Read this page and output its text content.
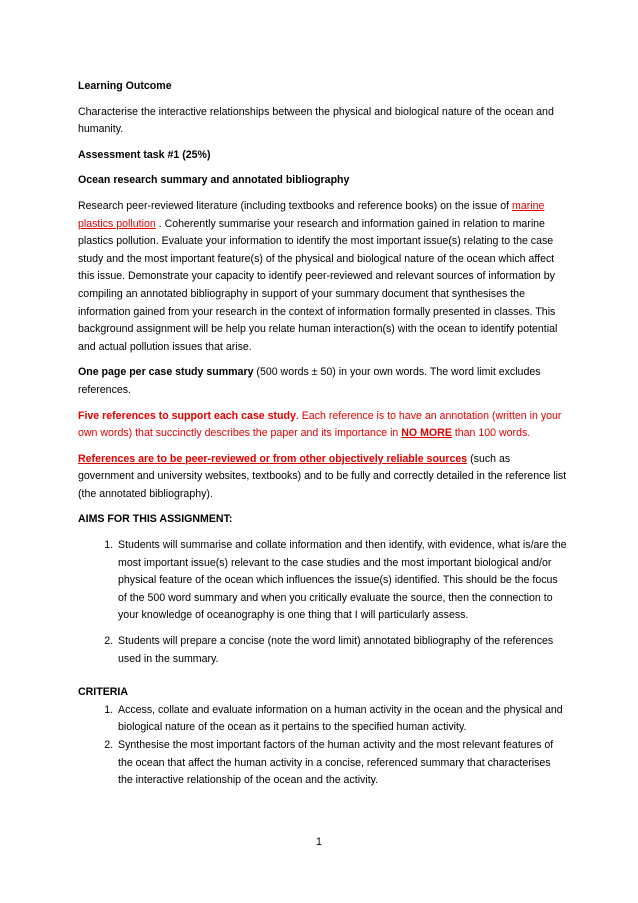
Learning Outcome

Characterise the interactive relationships between the physical and biological nature of the ocean and humanity.

Assessment task #1 (25%)

Ocean research summary and annotated bibliography

Research peer-reviewed literature (including textbooks and reference books) on the issue of marine plastics pollution . Coherently summarise your research and information gained in relation to marine plastics pollution. Evaluate your information to identify the most important issue(s) relating to the case study and the most important feature(s) of the physical and biological nature of the ocean which affect this issue. Demonstrate your capacity to identify peer-reviewed and relevant sources of information by compiling an annotated bibliography in support of your summary document that synthesises the information gained from your research in the context of information formally presented in classes. This background assignment will be help you relate human interaction(s) with the ocean to identify potential and actual pollution issues that arise.

One page per case study summary (500 words ± 50) in your own words. The word limit excludes references.

Five references to support each case study. Each reference is to have an annotation (written in your own words) that succinctly describes the paper and its importance in NO MORE than 100 words.

References are to be peer-reviewed or from other objectively reliable sources (such as government and university websites, textbooks) and to be fully and correctly detailed in the reference list (the annotated bibliography).

AIMS FOR THIS ASSIGNMENT:

1. Students will summarise and collate information and then identify, with evidence, what is/are the most important issue(s) relevant to the case studies and the most important biological and/or physical feature of the ocean which influences the issue(s) identified. This should be the focus of the 500 word summary and when you critically evaluate the source, then the connection to your knowledge of oceanography is one thing that I will particularly assess.
2. Students will prepare a concise (note the word limit) annotated bibliography of the references used in the summary.

CRITERIA

1. Access, collate and evaluate information on a human activity in the ocean and the physical and biological nature of the ocean as it pertains to the specified human activity.
2. Synthesise the most important factors of the human activity and the most relevant features of the ocean that affect the human activity in a concise, referenced summary that characterises the interactive relationship of the ocean and the activity.
1
